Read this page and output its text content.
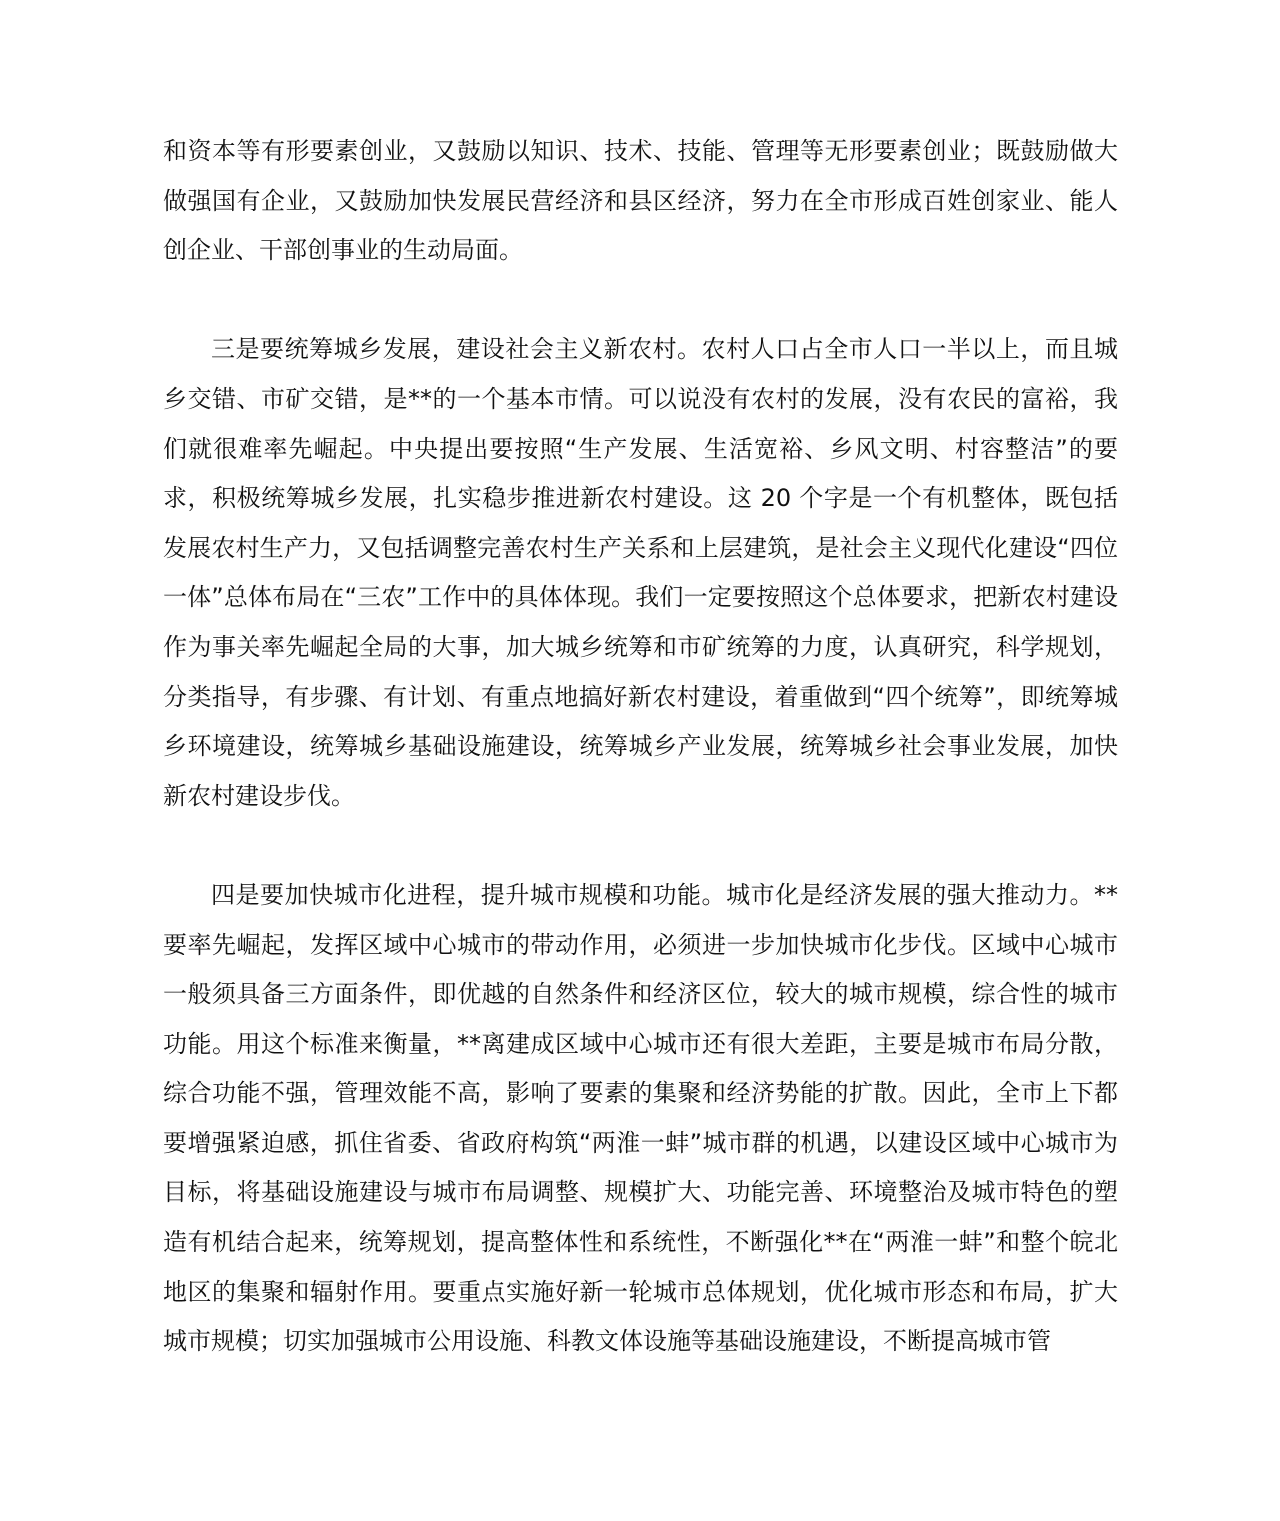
和资本等有形要素创业，又鼓励以知识、技术、技能、管理等无形要素创业；既鼓励做大做强国有企业，又鼓励加快发展民营经济和县区经济，努力在全市形成百姓创家业、能人创企业、干部创事业的生动局面。

三是要统筹城乡发展，建设社会主义新农村。农村人口占全市人口一半以上，而且城乡交错、市矿交错，是**的一个基本市情。可以说没有农村的发展，没有农民的富裕，我们就很难率先崛起。中央提出要按照“生产发展、生活宽裕、乡风文明、村容整洁”的要求，积极统筹城乡发展，扎实稳步推进新农村建设。这 20 个字是一个有机整体，既包括发展农村生产力，又包括调整完善农村生产关系和上层建筑，是社会主义现代化建设“四位一体”总体布局在“三农”工作中的具体体现。我们一定要按照这个总体要求，把新农村建设作为事关率先崛起全局的大事，加大城乡统筹和市矿统筹的力度，认真研究，科学规划，分类指导，有步骤、有计划、有重点地搞好新农村建设，着重做到“四个统筹”，即统筹城乡环境建设，统筹城乡基础设施建设，统筹城乡产业发展，统筹城乡社会事业发展，加快新农村建设步伐。

四是要加快城市化进程，提升城市规模和功能。城市化是经济发展的强大推动力。**要率先崛起，发挥区域中心城市的带动作用，必须进一步加快城市化步伐。区域中心城市一般须具备三方面条件，即优越的自然条件和经济区位，较大的城市规模，综合性的城市功能。用这个标准来衡量，**离建成区域中心城市还有很大差距，主要是城市布局分散，综合功能不强，管理效能不高，影响了要素的集聚和经济势能的扩散。因此，全市上下都要增强紧迫感，抓住省委、省政府构筑“两淮一蚌”城市群的机遇，以建设区域中心城市为目标，将基础设施建设与城市布局调整、规模扩大、功能完善、环境整治及城市特色的塑造有机结合起来，统筹规划，提高整体性和系统性，不断强化**在“两淮一蚌”和整个皖北地区的集聚和辐射作用。要重点实施好新一轮城市总体规划，优化城市形态和布局，扩大城市规模；切实加强城市公用设施、科教文体设施等基础设施建设，不断提高城市管
